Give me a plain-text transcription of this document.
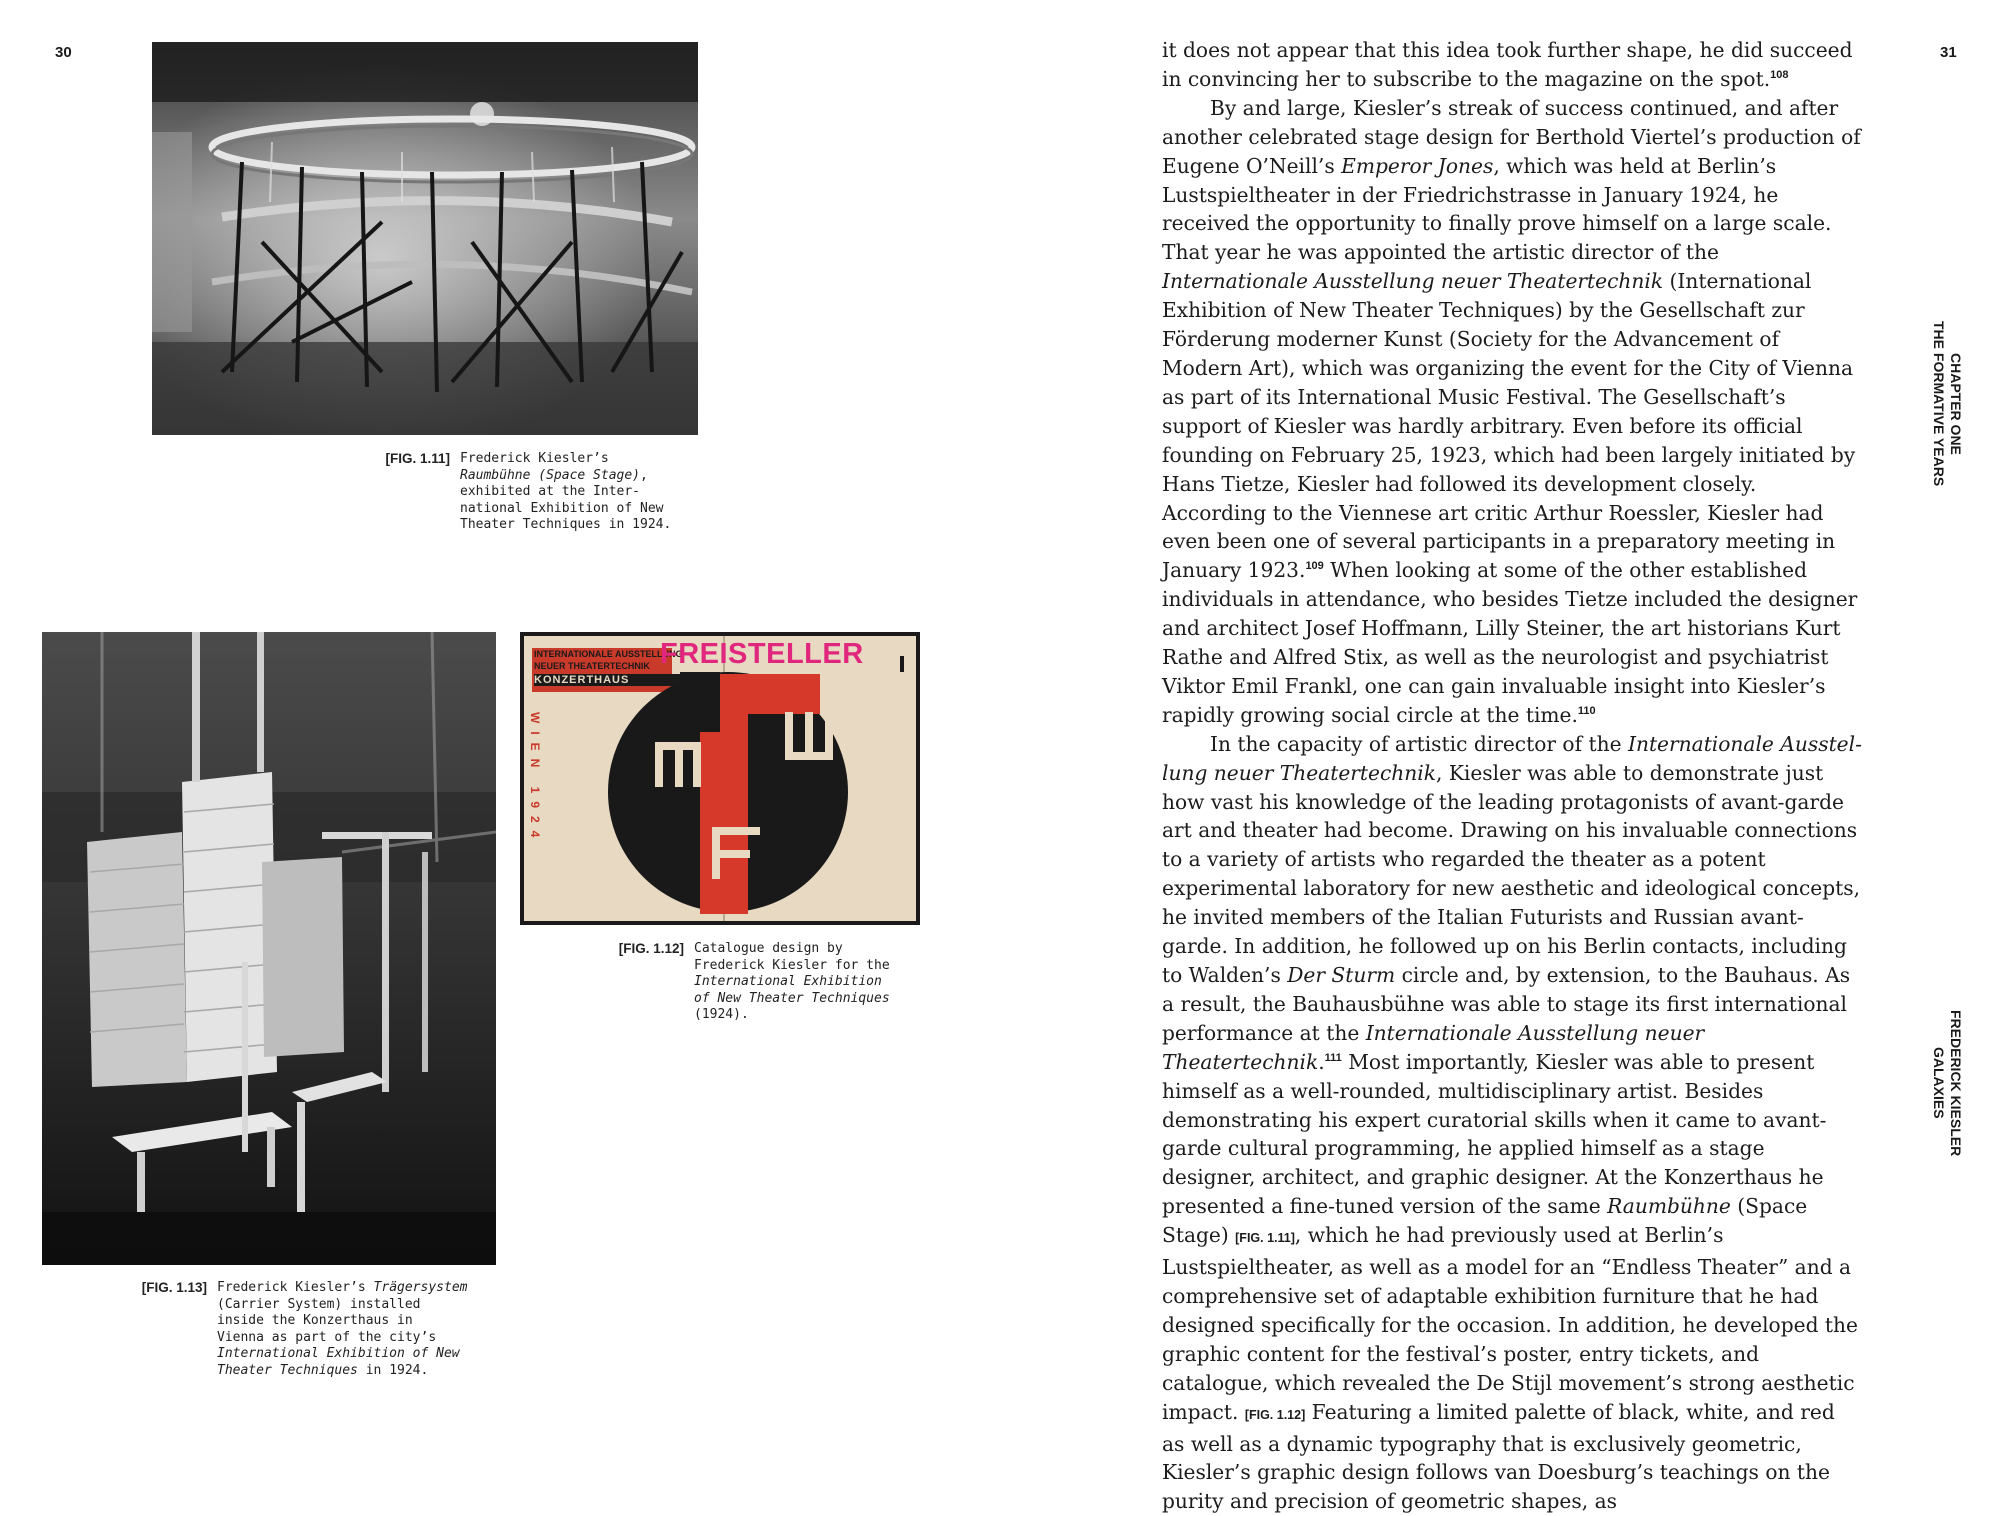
30	31
[FIG. 1.11] Frederick Kiesler’s
Raumbühne (Space Stage),
exhibited at the Inter-
national Exhibition of New
Theater Techniques in 1924.
[FIG. 1.13] Frederick Kiesler’s Trägersystem
(Carrier System) installed
inside the Konzerthaus in
Vienna as part of the city’s
International Exhibition of New
Theater Techniques in 1924.
INTERNATIONALE AUSSTELLUNG
NEUER THEATERTECHNIK
KONZERTHAUS
WIEN 1924
FREISTELLER
[FIG. 1.12] Catalogue design by
Frederick Kiesler for the
International Exhibition
of New Theater Techniques
(1924).

it does not appear that this idea took further shape, he did succeed in convincing her to subscribe to the magazine on the spot.$^{108}$

By and large, Kiesler’s streak of success continued, and after another celebrated stage design for Berthold Viertel’s production of Eugene O’Neill’s Emperor Jones, which was held at Berlin’s Lustspieltheater in der Friedrichstrasse in January 1924, he received the opportunity to finally prove himself on a large scale. That year he was appointed the artistic director of the Internationale Ausstellung neuer Theatertechnik (International Exhibition of New Theater Techniques) by the Gesellschaft zur Förderung moderner Kunst (Society for the Advancement of Modern Art), which was organizing the event for the City of Vienna as part of its International Music Festival. The Gesellschaft’s support of Kiesler was hardly arbitrary. Even before its official founding on February 25, 1923, which had been largely initiated by Hans Tietze, Kiesler had followed its development closely. According to the Viennese art critic Arthur Roessler, Kiesler had even been one of several participants in a preparatory meeting in January 1923.$^{109}$ When looking at some of the other established individuals in attendance, who besides Tietze included the designer and architect Josef Hoffmann, Lilly Steiner, the art historians Kurt Rathe and Alfred Stix, as well as the neurologist and psychiatrist Viktor Emil Frankl, one can gain invaluable insight into Kiesler’s rapidly growing social circle at the time.$^{110}$

In the capacity of artistic director of the Internationale Ausstellung neuer Theatertechnik, Kiesler was able to demonstrate just how vast his knowledge of the leading protagonists of avant-garde art and theater had become. Drawing on his invaluable connections to a variety of artists who regarded the theater as a potent experimental laboratory for new aesthetic and ideological concepts, he invited members of the Italian Futurists and Russian avant-garde. In addition, he followed up on his Berlin contacts, including to Walden’s Der Sturm circle and, by extension, to the Bauhaus. As a result, the Bauhausbühne was able to stage its first international performance at the Internationale Ausstellung neuer Theatertechnik.$^{111}$ Most importantly, Kiesler was able to present himself as a well-rounded, multidisciplinary artist. Besides demonstrating his expert curatorial skills when it came to avant-garde cultural programming, he applied himself as a stage designer, architect, and graphic designer. At the Konzerthaus he presented a fine-tuned version of the same Raumbühne (Space Stage) [FIG. 1.11], which he had previously used at Berlin’s Lustspieltheater, as well as a model for an “Endless Theater” and a comprehensive set of adaptable exhibition furniture that he had designed specifically for the occasion. In addition, he developed the graphic content for the festival’s poster, entry tickets, and catalogue, which revealed the De Stijl movement’s strong aesthetic impact. [FIG. 1.12] Featuring a limited palette of black, white, and red as well as a dynamic typography that is exclusively geometric, Kiesler’s graphic design follows van Doesburg’s teachings on the purity and precision of geometric shapes, as

CHAPTER ONE
THE FORMATIVE YEARS
FREDERICK KIESLER
GALAXIES
